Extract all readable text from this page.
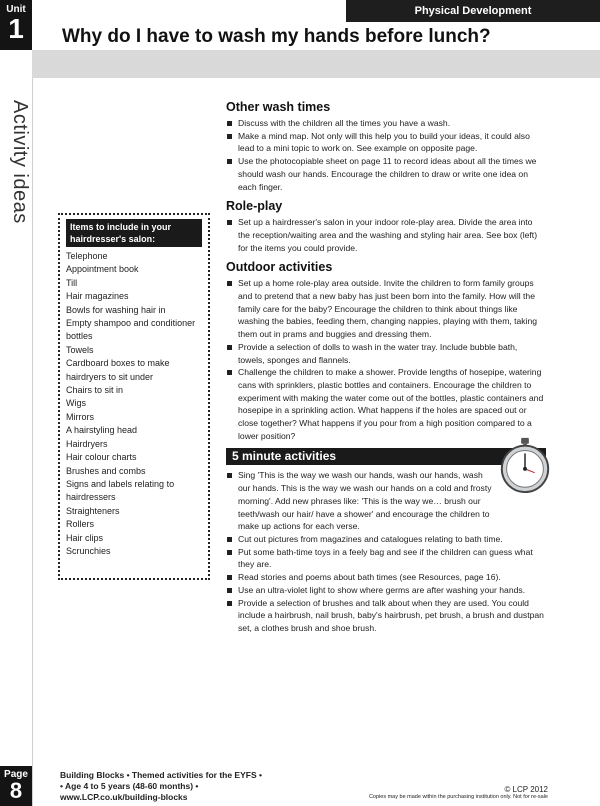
Unit
1
Activity ideas
Physical Development
Why do I have to wash my hands before lunch?
Items to include in your hairdresser's salon:
Telephone
Appointment book
Till
Hair magazines
Bowls for washing hair in
Empty shampoo and conditioner
bottles
Towels
Cardboard boxes to make
hairdryers to sit under
Chairs to sit in
Wigs
Mirrors
A hairstyling head
Hairdryers
Hair colour charts
Brushes and combs
Signs and labels relating to
hairdressers
Straighteners
Rollers
Hair clips
Scrunchies
Other wash times

Discuss with the children all the times you have a wash.

Make a mind map. Not only will this help you to build your ideas, it could also lead to a mini topic to work on. See example on opposite page.

Use the photocopiable sheet on page 11 to record ideas about all the times we should wash our hands. Encourage the children to draw or write one idea on each finger.

Role-play

Set up a hairdresser's salon in your indoor role-play area. Divide the area into the reception/waiting area and the washing and styling hair area. See box (left) for the items you could provide.

Outdoor activities

Set up a home role-play area outside. Invite the children to form family groups and to pretend that a new baby has just been born into the family. How will the family care for the baby? Encourage the children to think about things like washing the babies, feeding them, changing nappies, playing with them, taking them out in prams and buggies and dressing them.

Provide a selection of dolls to wash in the water tray. Include bubble bath, towels, sponges and flannels.

Challenge the children to make a shower. Provide lengths of hosepipe, watering cans with sprinklers, plastic bottles and containers. Encourage the children to experiment with making the water come out of the bottles, plastic containers and hosepipe in a sprinkling action. What happens if the holes are spaced out or close together? What happens if you pour from a high position compared to a lower position?

5 minute activities

Sing 'This is the way we wash our hands, wash our hands, wash our hands. This is the way we wash our hands on a cold and frosty morning'. Add new phrases like: 'This is the way we… brush our teeth/wash our hair/ have a shower' and encourage the children to make up actions for each verse.

Cut out pictures from magazines and catalogues relating to bath time.

Put some bath-time toys in a feely bag and see if the children can guess what they are.

Read stories and poems about bath times (see Resources, page 16).

Use an ultra-violet light to show where germs are after washing your hands.

Provide a selection of brushes and talk about when they are used. You could include a hairbrush, nail brush, baby's hairbrush, pet brush, a brush and dustpan set, a clothes brush and shoe brush.

Page
8
Building Blocks • Themed activities for the EYFS •
• Age 4 to 5 years (48-60 months) •
www.LCP.co.uk/building-blocks
© LCP 2012
Copies may be made within the purchasing institution only. Not for re-sale
